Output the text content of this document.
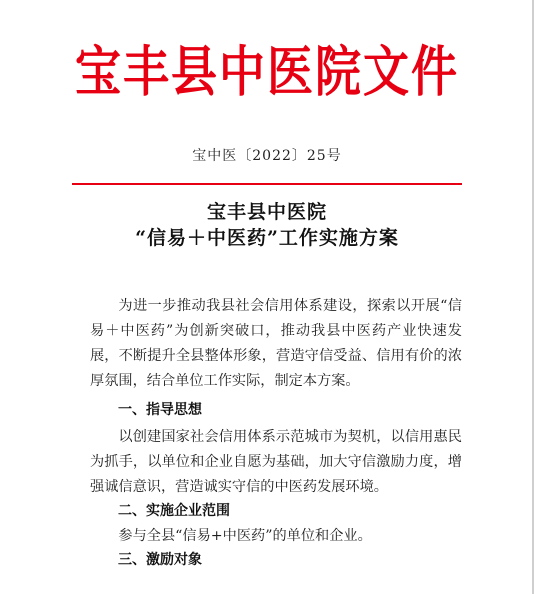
宝丰县中医院文件
宝中医〔2022〕25号
宝丰县中医院
“信易＋中医药”工作实施方案
为进一步推动我县社会信用体系建设，探索以开展“信易＋中医药”为创新突破口，推动我县中医药产业快速发展，不断提升全县整体形象，营造守信受益、信用有价的浓厚氛围，结合单位工作实际，制定本方案。
一、指导思想
以创建国家社会信用体系示范城市为契机，以信用惠民为抓手，以单位和企业自愿为基础，加大守信激励力度，增强诚信意识，营造诚实守信的中医药发展环境。
二、实施企业范围
参与全县“信易+中医药”的单位和企业。
三、激励对象
